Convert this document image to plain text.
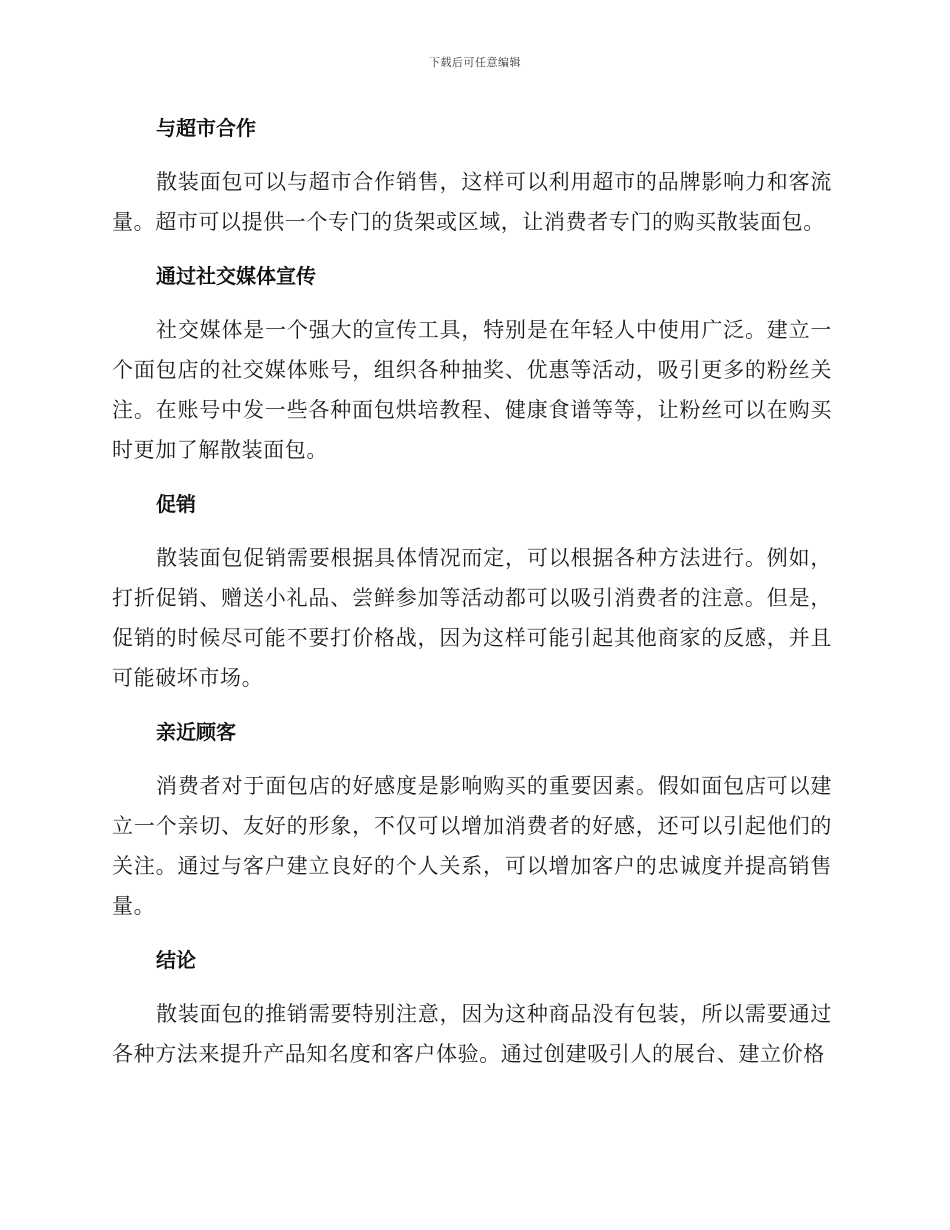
下载后可任意编辑
与超市合作

散装面包可以与超市合作销售，这样可以利用超市的品牌影响力和客流量。超市可以提供一个专门的货架或区域，让消费者专门的购买散装面包。

通过社交媒体宣传

社交媒体是一个强大的宣传工具，特别是在年轻人中使用广泛。建立一个面包店的社交媒体账号，组织各种抽奖、优惠等活动，吸引更多的粉丝关注。在账号中发一些各种面包烘培教程、健康食谱等等，让粉丝可以在购买时更加了解散装面包。

促销

散装面包促销需要根据具体情况而定，可以根据各种方法进行。例如，打折促销、赠送小礼品、尝鲜参加等活动都可以吸引消费者的注意。但是，促销的时候尽可能不要打价格战，因为这样可能引起其他商家的反感，并且可能破坏市场。

亲近顾客

消费者对于面包店的好感度是影响购买的重要因素。假如面包店可以建立一个亲切、友好的形象，不仅可以增加消费者的好感，还可以引起他们的关注。通过与客户建立良好的个人关系，可以增加客户的忠诚度并提高销售量。

结论

散装面包的推销需要特别注意，因为这种商品没有包装，所以需要通过各种方法来提升产品知名度和客户体验。通过创建吸引人的展台、建立价格
